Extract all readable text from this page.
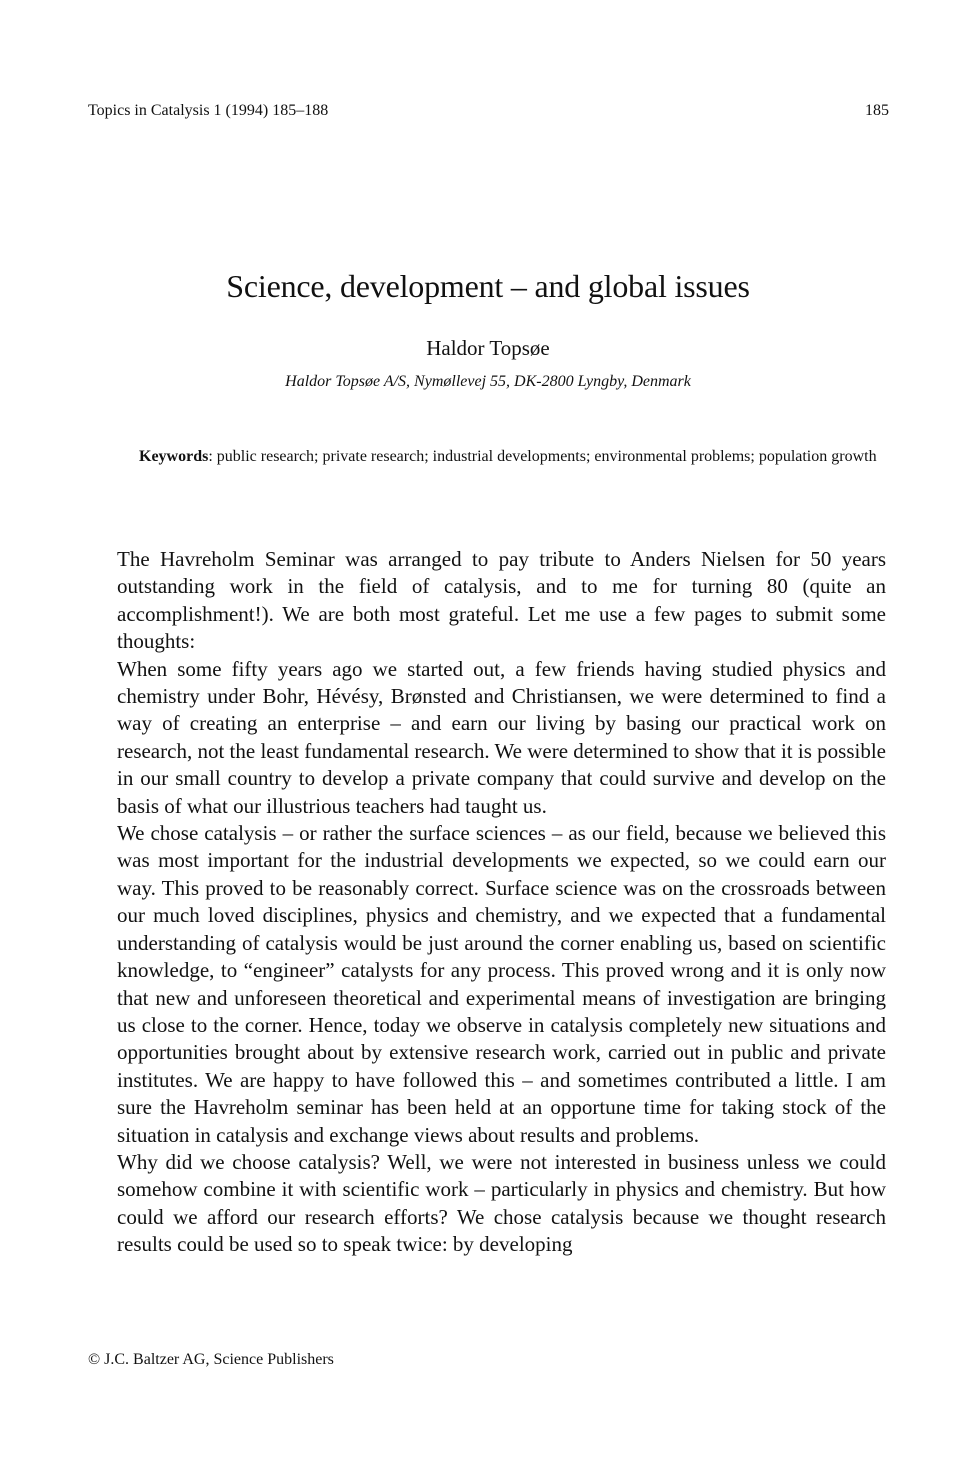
Topics in Catalysis 1 (1994) 185–188	185
Science, development – and global issues
Haldor Topsøe
Haldor Topsøe A/S, Nymøllevej 55, DK-2800 Lyngby, Denmark
Keywords: public research; private research; industrial developments; environmental problems; population growth

The Havreholm Seminar was arranged to pay tribute to Anders Nielsen for 50 years outstanding work in the field of catalysis, and to me for turning 80 (quite an accomplishment!). We are both most grateful. Let me use a few pages to submit some thoughts:

When some fifty years ago we started out, a few friends having studied physics and chemistry under Bohr, Hévésy, Brønsted and Christiansen, we were determined to find a way of creating an enterprise – and earn our living by basing our practical work on research, not the least fundamental research. We were determined to show that it is possible in our small country to develop a private company that could survive and develop on the basis of what our illustrious teachers had taught us.

We chose catalysis – or rather the surface sciences – as our field, because we believed this was most important for the industrial developments we expected, so we could earn our way. This proved to be reasonably correct. Surface science was on the crossroads between our much loved disciplines, physics and chemistry, and we expected that a fundamental understanding of catalysis would be just around the corner enabling us, based on scientific knowledge, to “engineer” catalysts for any process. This proved wrong and it is only now that new and unforeseen theoretical and experimental means of investigation are bringing us close to the corner. Hence, today we observe in catalysis completely new situations and opportunities brought about by extensive research work, carried out in public and private institutes. We are happy to have followed this – and sometimes contributed a little. I am sure the Havreholm seminar has been held at an opportune time for taking stock of the situation in catalysis and exchange views about results and problems.

Why did we choose catalysis? Well, we were not interested in business unless we could somehow combine it with scientific work – particularly in physics and chemistry. But how could we afford our research efforts? We chose catalysis because we thought research results could be used so to speak twice: by developing

© J.C. Baltzer AG, Science Publishers
